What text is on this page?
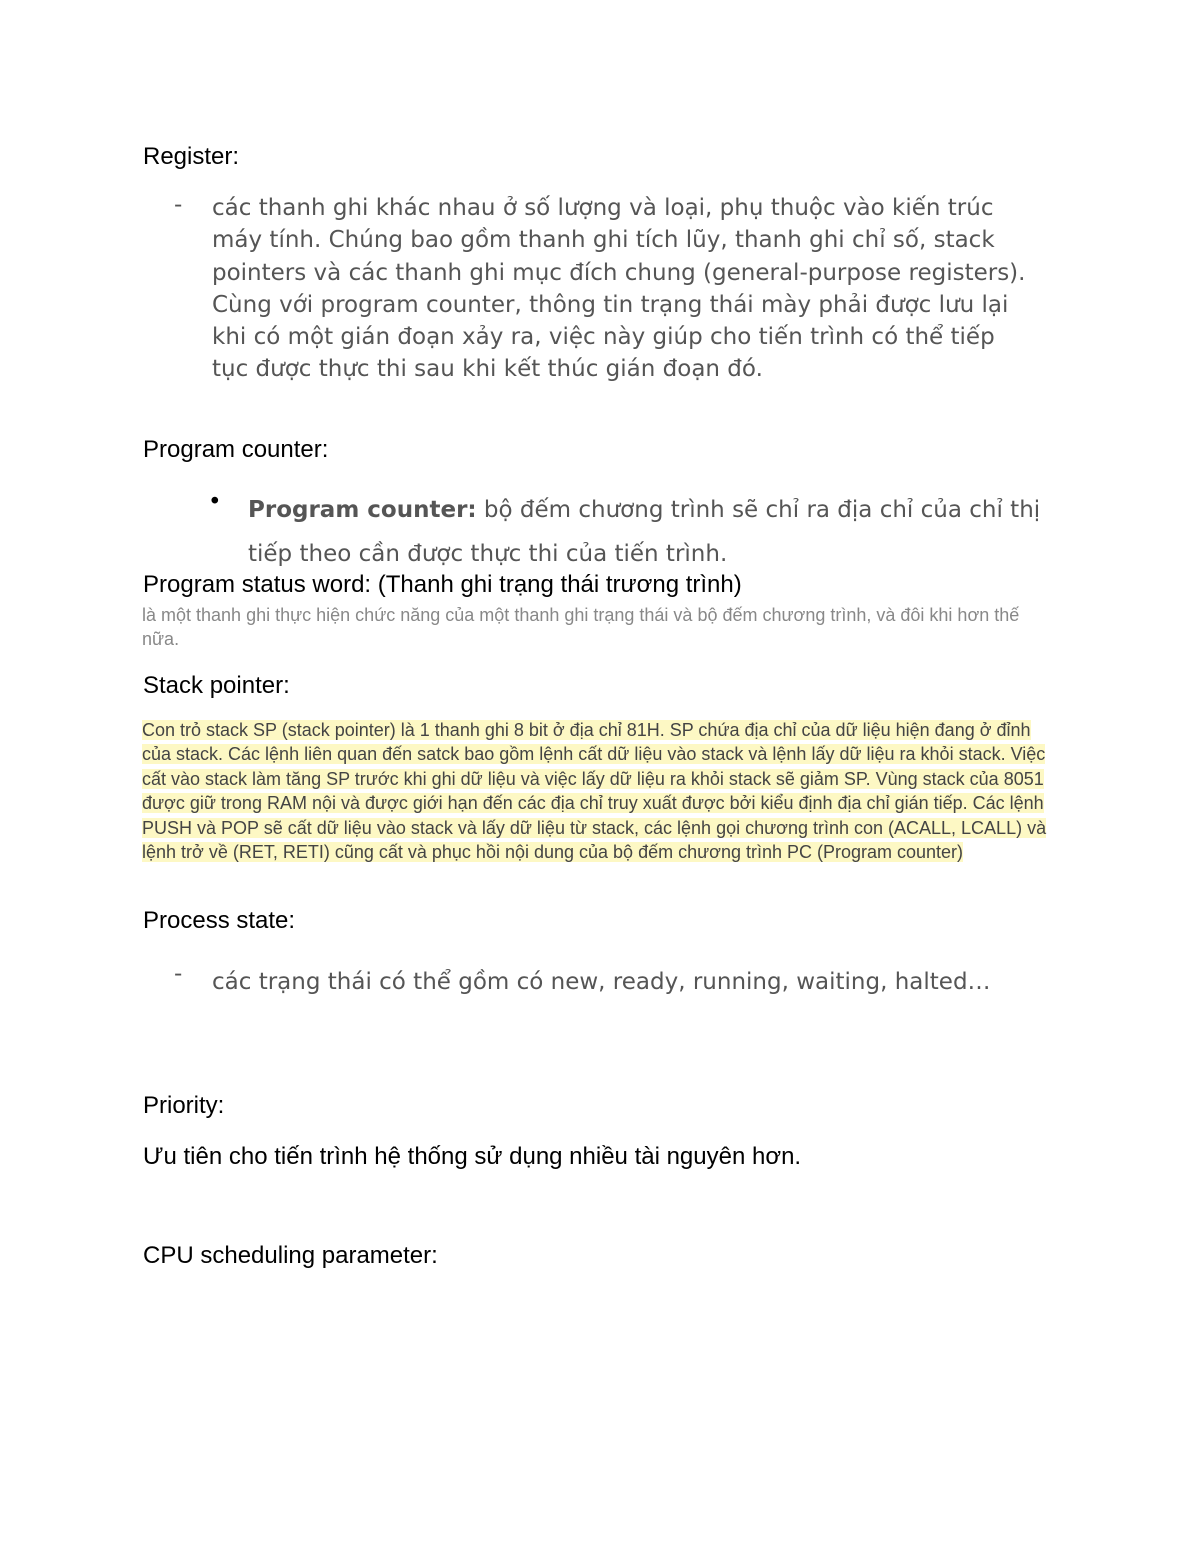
Register:
- các thanh ghi khác nhau ở số lượng và loại, phụ thuộc vào kiến trúc máy tính. Chúng bao gồm thanh ghi tích lũy, thanh ghi chỉ số, stack pointers và các thanh ghi mục đích chung (general-purpose registers). Cùng với program counter, thông tin trạng thái mày phải được lưu lại khi có một gián đoạn xảy ra, việc này giúp cho tiến trình có thể tiếp tục được thực thi sau khi kết thúc gián đoạn đó.
Program counter:
• Program counter: bộ đếm chương trình sẽ chỉ ra địa chỉ của chỉ thị tiếp theo cần được thực thi của tiến trình.
Program status word: (Thanh ghi trạng thái trương trình)
là một thanh ghi thực hiện chức năng của một thanh ghi trạng thái và bộ đếm chương trình, và đôi khi hơn thế nữa.
Stack pointer:
Con trỏ stack SP (stack pointer) là 1 thanh ghi 8 bit ở địa chỉ 81H. SP chứa địa chỉ của dữ liệu hiện đang ở đỉnh của stack. Các lệnh liên quan đến satck bao gồm lệnh cất dữ liệu vào stack và lệnh lấy dữ liệu ra khỏi stack. Việc cất vào stack làm tăng SP trước khi ghi dữ liệu và việc lấy dữ liệu ra khỏi stack sẽ giảm SP. Vùng stack của 8051 được giữ trong RAM nội và được giới hạn đến các địa chỉ truy xuất được bởi kiểu định địa chỉ gián tiếp. Các lệnh PUSH và POP sẽ cất dữ liệu vào stack và lấy dữ liệu từ stack, các lệnh gọi chương trình con (ACALL, LCALL) và lệnh trở về (RET, RETI) cũng cất và phục hồi nội dung của bộ đếm chương trình PC (Program counter)
Process state:
- các trạng thái có thể gồm có new, ready, running, waiting, halted…
Priority:
Ưu tiên cho tiến trình hệ thống sử dụng nhiều tài nguyên hơn.
CPU scheduling parameter:
